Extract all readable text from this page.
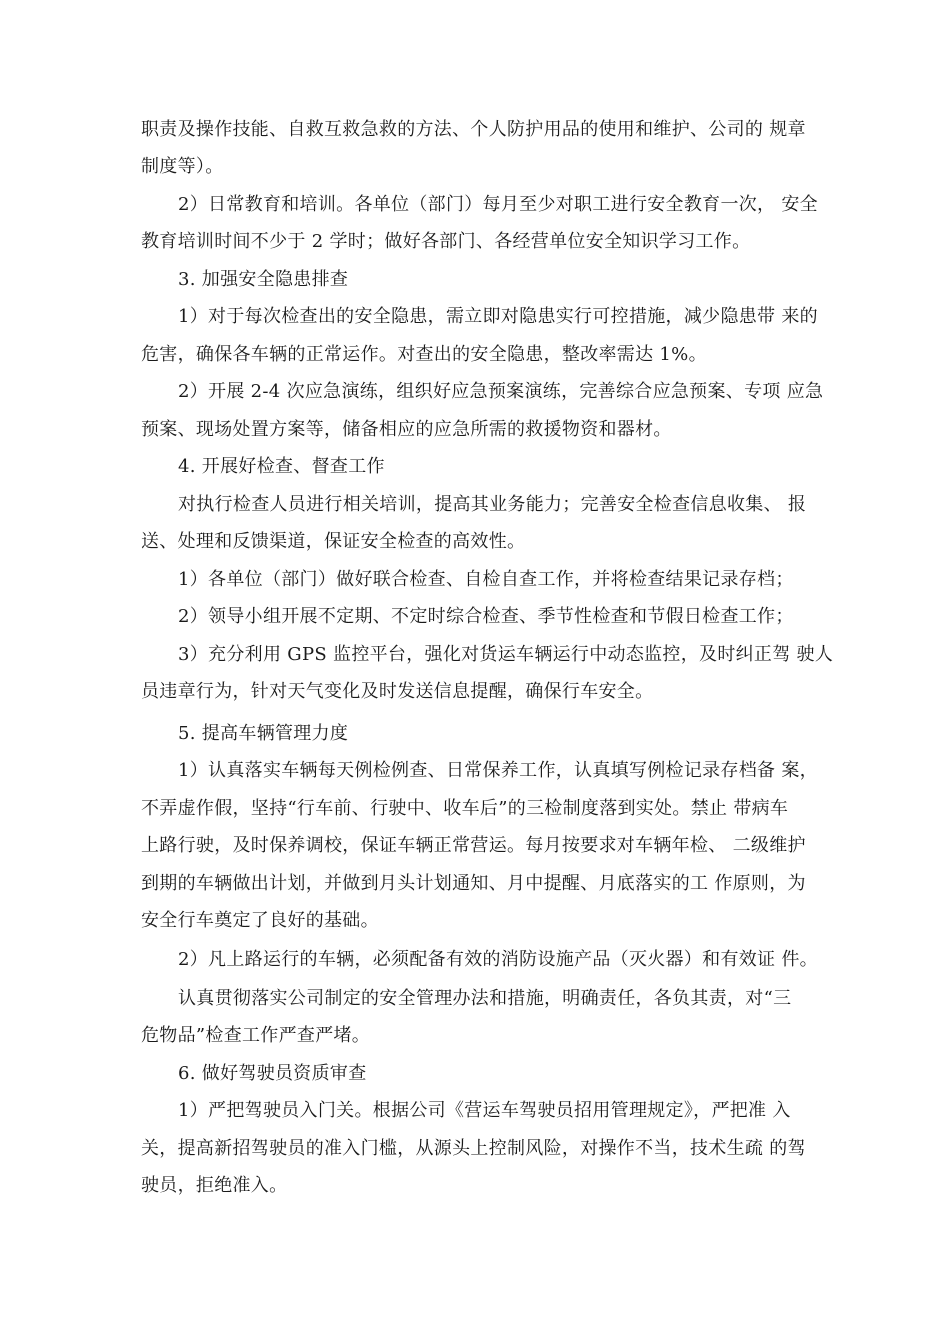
职责及操作技能、自救互救急救的方法、个人防护用品的使用和维护、公司的 规章
制度等）。
2）日常教育和培训。各单位（部门）每月至少对职工进行安全教育一次， 安全
教育培训时间不少于 2 学时；做好各部门、各经营单位安全知识学习工作。
3. 加强安全隐患排查
1）对于每次检查出的安全隐患，需立即对隐患实行可控措施，减少隐患带 来的
危害，确保各车辆的正常运作。对查出的安全隐患，整改率需达 1%。
2）开展 2-4 次应急演练，组织好应急预案演练，完善综合应急预案、专项 应急
预案、现场处置方案等，储备相应的应急所需的救援物资和器材。
4. 开展好检查、督查工作
对执行检查人员进行相关培训，提高其业务能力；完善安全检查信息收集、 报
送、处理和反馈渠道，保证安全检查的高效性。
1）各单位（部门）做好联合检查、自检自查工作，并将检查结果记录存档；
2）领导小组开展不定期、不定时综合检查、季节性检查和节假日检查工作；
3）充分利用 GPS 监控平台，强化对货运车辆运行中动态监控，及时纠正驾 驶人
员违章行为，针对天气变化及时发送信息提醒，确保行车安全。
5. 提高车辆管理力度
1）认真落实车辆每天例检例查、日常保养工作，认真填写例检记录存档备 案，
不弄虚作假，坚持“行车前、行驶中、收车后”的三检制度落到实处。禁止 带病车
上路行驶，及时保养调校，保证车辆正常营运。每月按要求对车辆年检、 二级维护
到期的车辆做出计划，并做到月头计划通知、月中提醒、月底落实的工 作原则，为
安全行车奠定了良好的基础。
2）凡上路运行的车辆，必须配备有效的消防设施产品（灭火器）和有效证 件。
认真贯彻落实公司制定的安全管理办法和措施，明确责任，各负其责，对“三
危物品”检查工作严查严堵。
6. 做好驾驶员资质审查
1）严把驾驶员入门关。根据公司《营运车驾驶员招用管理规定》，严把准 入
关，提高新招驾驶员的准入门槛，从源头上控制风险，对操作不当，技术生疏 的驾
驶员，拒绝准入。
